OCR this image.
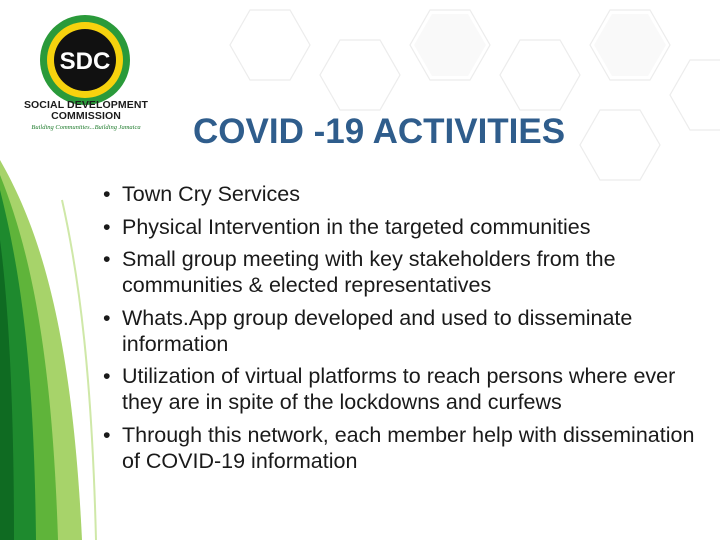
SDC
SOCIAL DEVELOPMENT
COMMISSION
Building Communities...Building Jamaica	COVID -19 ACTIVITIES
• Town Cry Services
• Physical Intervention in the targeted communities
• Small group meeting with key stakeholders from the communities & elected representatives
• Whats.App group developed and used to disseminate information
• Utilization of virtual platforms to reach persons where ever they are in spite of the lockdowns and curfews
• Through this network, each member help with dissemination of COVID-19 information
